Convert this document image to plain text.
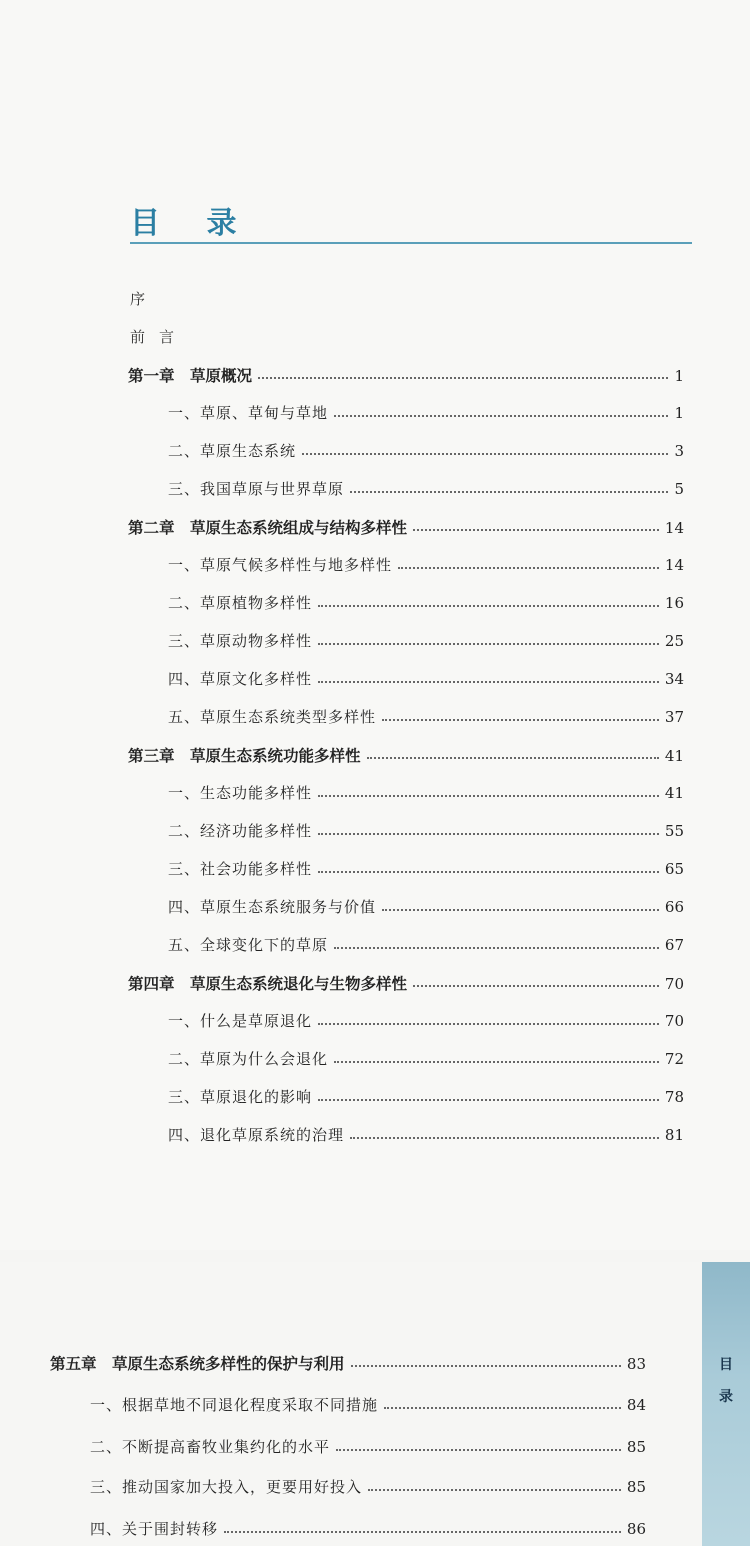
目 录
序
前言
第一章　草原概况	1
一、草原、草甸与草地	1
二、草原生态系统	3
三、我国草原与世界草原	5
第二章　草原生态系统组成与结构多样性	14
一、草原气候多样性与地多样性	14
二、草原植物多样性	16
三、草原动物多样性	25
四、草原文化多样性	34
五、草原生态系统类型多样性	37
第三章　草原生态系统功能多样性	41
一、生态功能多样性	41
二、经济功能多样性	55
三、社会功能多样性	65
四、草原生态系统服务与价值	66
五、全球变化下的草原	67
第四章　草原生态系统退化与生物多样性	70
一、什么是草原退化	70
二、草原为什么会退化	72
三、草原退化的影响	78
四、退化草原系统的治理	81
第五章　草原生态系统多样性的保护与利用	83
一、根据草地不同退化程度采取不同措施	84
二、不断提高畜牧业集约化的水平	85
三、推动国家加大投入，更要用好投入	85
四、关于围封转移	86
目
录
